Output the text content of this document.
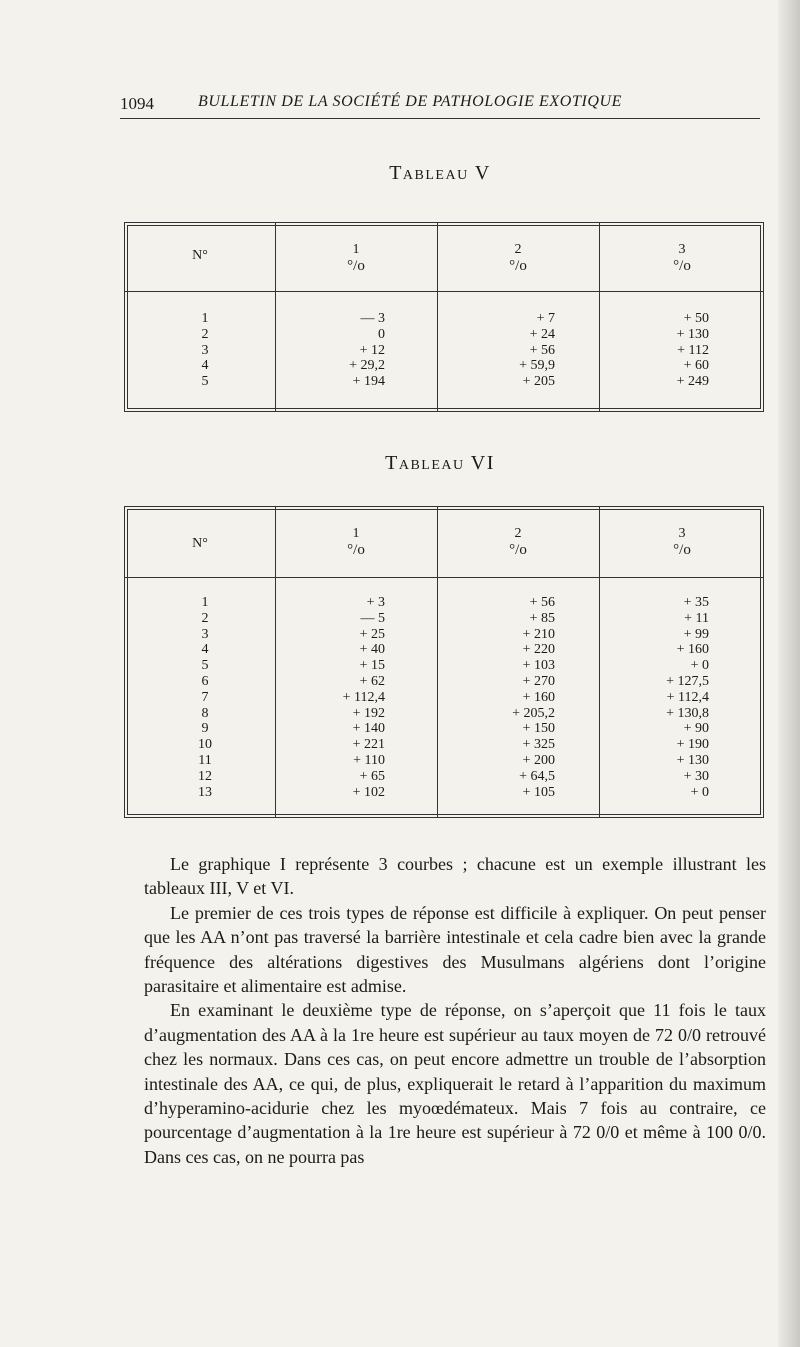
1094	BULLETIN DE LA SOCIÉTÉ DE PATHOLOGIE EXOTIQUE
Tableau V
N°	1
°/o
2
°/o
3
°/o
1
2
3
4
5
— 3
0
+ 12
+ 29,2
+ 194
+ 7
+ 24
+ 56
+ 59,9
+ 205
+ 50
+ 130
+ 112
+ 60
+ 249
Tableau VI
N°
1
°/o
2
°/o
3
°/o
1
2
3
4
5
6
7
8
9
10
11
12
13
+ 3
— 5
+ 25
+ 40
+ 15
+ 62
+ 112,4
+ 192
+ 140
+ 221
+ 110
+ 65
+ 102
+ 56
+ 85
+ 210
+ 220
+ 103
+ 270
+ 160
+ 205,2
+ 150
+ 325
+ 200
+ 64,5
+ 105
+ 35
+ 11
+ 99
+ 160
+ 0
+ 127,5
+ 112,4
+ 130,8
+ 90
+ 190
+ 130
+ 30
+ 0

Le graphique I représente 3 courbes ; chacune est un exemple illustrant les tableaux III, V et VI.

Le premier de ces trois types de réponse est difficile à expliquer. On peut penser que les AA n’ont pas traversé la barrière intestinale et cela cadre bien avec la grande fréquence des altérations digestives des Musulmans algériens dont l’origine parasitaire et alimentaire est admise.

En examinant le deuxième type de réponse, on s’aperçoit que 11 fois le taux d’augmentation des AA à la 1re heure est supérieur au taux moyen de 72 0/0 retrouvé chez les normaux. Dans ces cas, on peut encore admettre un trouble de l’absorption intestinale des AA, ce qui, de plus, expliquerait le retard à l’apparition du maximum d’hyperamino-acidurie chez les myoœdémateux. Mais 7 fois au contraire, ce pourcentage d’augmentation à la 1re heure est supérieur à 72 0/0 et même à 100 0/0. Dans ces cas, on ne pourra pas
